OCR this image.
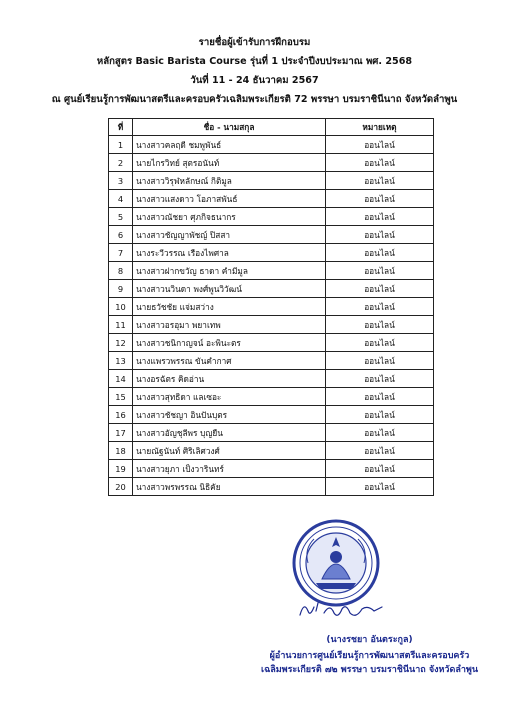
รายชื่อผู้เข้ารับการฝึกอบรม
หลักสูตร Basic Barista Course รุ่นที่ 1 ประจำปีงบประมาณ พศ. 2568
วันที่ 11 - 24 ธันวาคม 2567
ณ ศูนย์เรียนรู้การพัฒนาสตรีและครอบครัวเฉลิมพระเกียรติ 72 พรรษา บรมราชินีนาถ จังหวัดลำพูน
ที่	ชื่อ - นามสกุล	หมายเหตุ
1	นางสาวคลฤดี ชมพูพันธ์	ออนไลน์
2	นายไกรวิทย์ สุตรอนันท์	ออนไลน์
3	นางสาววิรุฬหลักษณ์ กิติมูล	ออนไลน์
4	นางสาวแสงดาว โอภาสพันธ์	ออนไลน์
5	นางสาวณัชยา ศุภกิจธนากร	ออนไลน์
6	นางสาวชัญญาพัชญ์ ปิสสา	ออนไลน์
7	นางระวีวรรณ เรืองไพศาล	ออนไลน์
8	นางสาวฝากขวัญ ธาดา คำมีมูล	ออนไลน์
9	นางสาวนวินดา พงศ์พูนวิวัฒน์	ออนไลน์
10	นายธวัชชัย แจ่มสว่าง	ออนไลน์
11	นางสาวอรอุมา พยาเทพ	ออนไลน์
12	นางสาวชนิกาญจน์ อะพินะตร	ออนไลน์
13	นางแพรวพรรณ ขันคำกาศ	ออนไลน์
14	นางอรฉัตร คิดอ่าน	ออนไลน์
15	นางสาวสุทธิดา แลเซอะ	ออนไลน์
16	นางสาวชัชญา อินปันบุตร	ออนไลน์
17	นางสาวอัญชุลีพร บุญยืน	ออนไลน์
18	นายณัฐนันท์ ศิริเลิศวงศ์	ออนไลน์
19	นางสาวยุภา เป็งวารินทร์	ออนไลน์
20	นางสาวพรพรรณ นิธิคัย	ออนไลน์
(นางรชยา อันตระกูล)
ผู้อำนวยการศูนย์เรียนรู้การพัฒนาสตรีและครอบครัว
เฉลิมพระเกียรติ ๗๒ พรรษา บรมราชินีนาถ จังหวัดลำพูน
